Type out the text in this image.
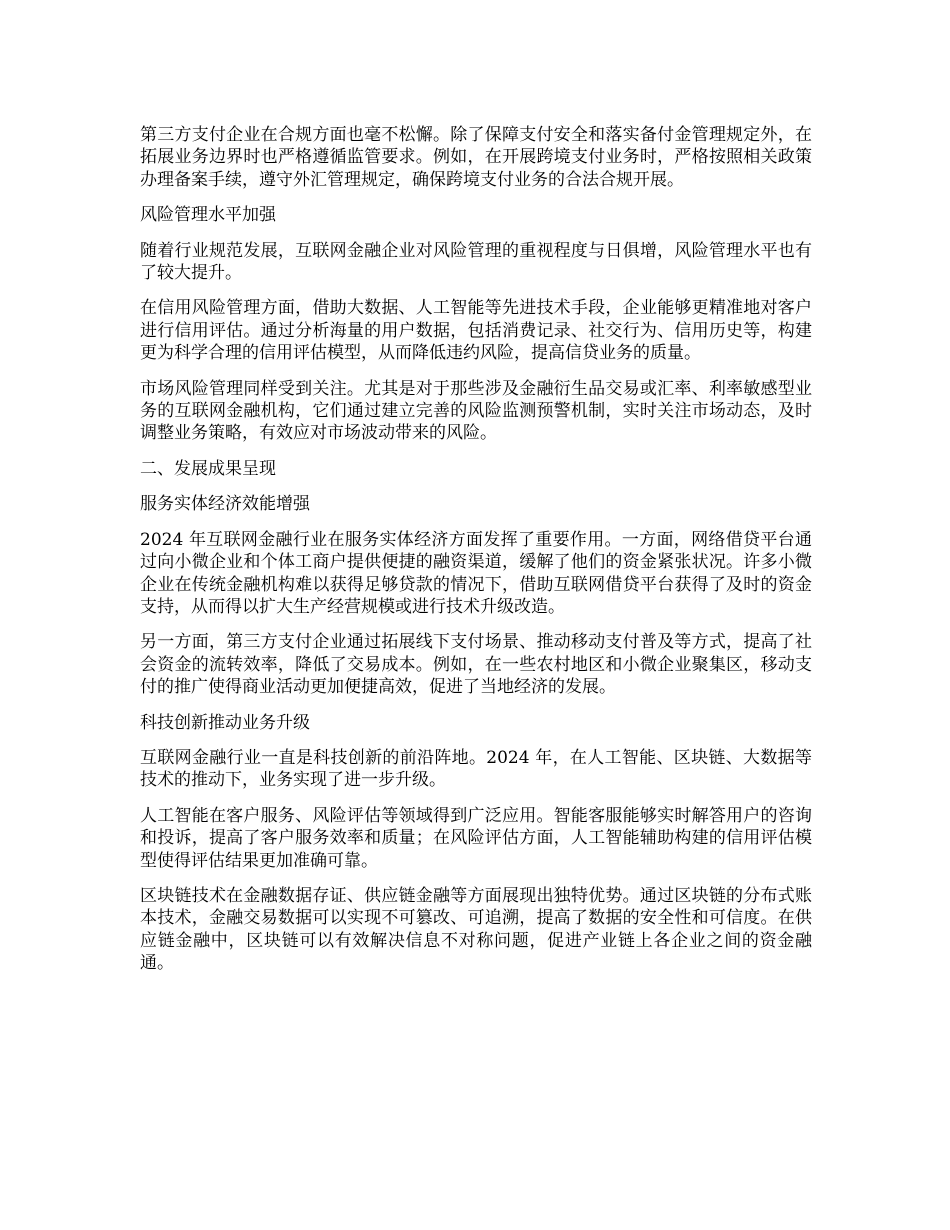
第三方支付企业在合规方面也毫不松懈。除了保障支付安全和落实备付金管理规定外，在拓展业务边界时也严格遵循监管要求。例如，在开展跨境支付业务时，严格按照相关政策办理备案手续，遵守外汇管理规定，确保跨境支付业务的合法合规开展。

风险管理水平加强

随着行业规范发展，互联网金融企业对风险管理的重视程度与日俱增，风险管理水平也有了较大提升。

在信用风险管理方面，借助大数据、人工智能等先进技术手段，企业能够更精准地对客户进行信用评估。通过分析海量的用户数据，包括消费记录、社交行为、信用历史等，构建更为科学合理的信用评估模型，从而降低违约风险，提高信贷业务的质量。

市场风险管理同样受到关注。尤其是对于那些涉及金融衍生品交易或汇率、利率敏感型业务的互联网金融机构，它们通过建立完善的风险监测预警机制，实时关注市场动态，及时调整业务策略，有效应对市场波动带来的风险。

二、发展成果呈现

服务实体经济效能增强

2024 年互联网金融行业在服务实体经济方面发挥了重要作用。一方面，网络借贷平台通过向小微企业和个体工商户提供便捷的融资渠道，缓解了他们的资金紧张状况。许多小微企业在传统金融机构难以获得足够贷款的情况下，借助互联网借贷平台获得了及时的资金支持，从而得以扩大生产经营规模或进行技术升级改造。

另一方面，第三方支付企业通过拓展线下支付场景、推动移动支付普及等方式，提高了社会资金的流转效率，降低了交易成本。例如，在一些农村地区和小微企业聚集区，移动支付的推广使得商业活动更加便捷高效，促进了当地经济的发展。

科技创新推动业务升级

互联网金融行业一直是科技创新的前沿阵地。2024 年，在人工智能、区块链、大数据等技术的推动下，业务实现了进一步升级。

人工智能在客户服务、风险评估等领域得到广泛应用。智能客服能够实时解答用户的咨询和投诉，提高了客户服务效率和质量；在风险评估方面，人工智能辅助构建的信用评估模型使得评估结果更加准确可靠。

区块链技术在金融数据存证、供应链金融等方面展现出独特优势。通过区块链的分布式账本技术，金融交易数据可以实现不可篡改、可追溯，提高了数据的安全性和可信度。在供应链金融中，区块链可以有效解决信息不对称问题，促进产业链上各企业之间的资金融通。
